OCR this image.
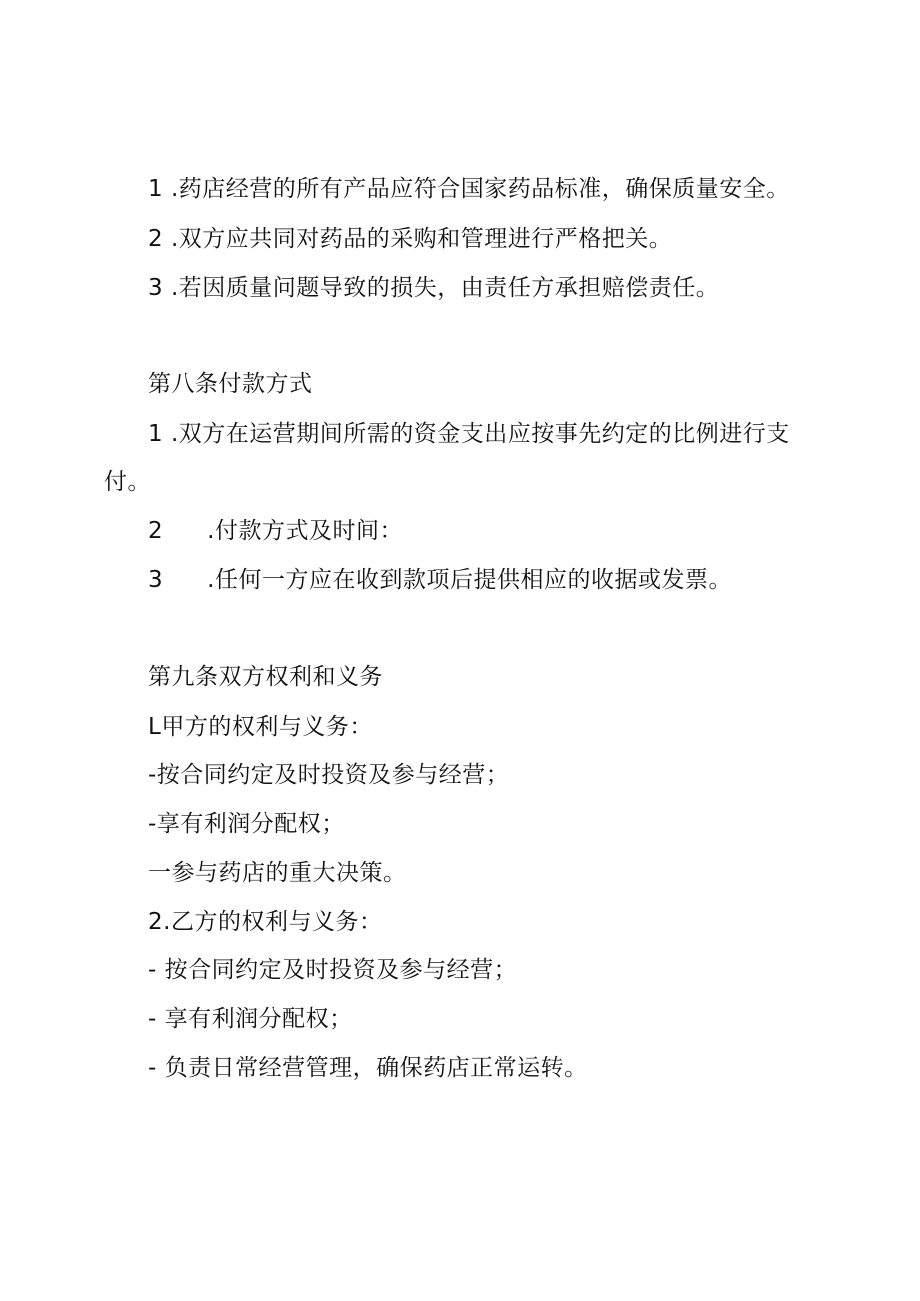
1 .药店经营的所有产品应符合国家药品标准，确保质量安全。
2 .双方应共同对药品的采购和管理进行严格把关。
3 .若因质量问题导致的损失，由责任方承担赔偿责任。
第八条付款方式
1 .双方在运营期间所需的资金支出应按事先约定的比例进行支
付。
2 .付款方式及时间：
3 .任何一方应在收到款项后提供相应的收据或发票。
第九条双方权利和义务
L甲方的权利与义务：
-按合同约定及时投资及参与经营；
-享有利润分配权；
一参与药店的重大决策。
2.乙方的权利与义务：
- 按合同约定及时投资及参与经营；
- 享有利润分配权；
- 负责日常经营管理，确保药店正常运转。
